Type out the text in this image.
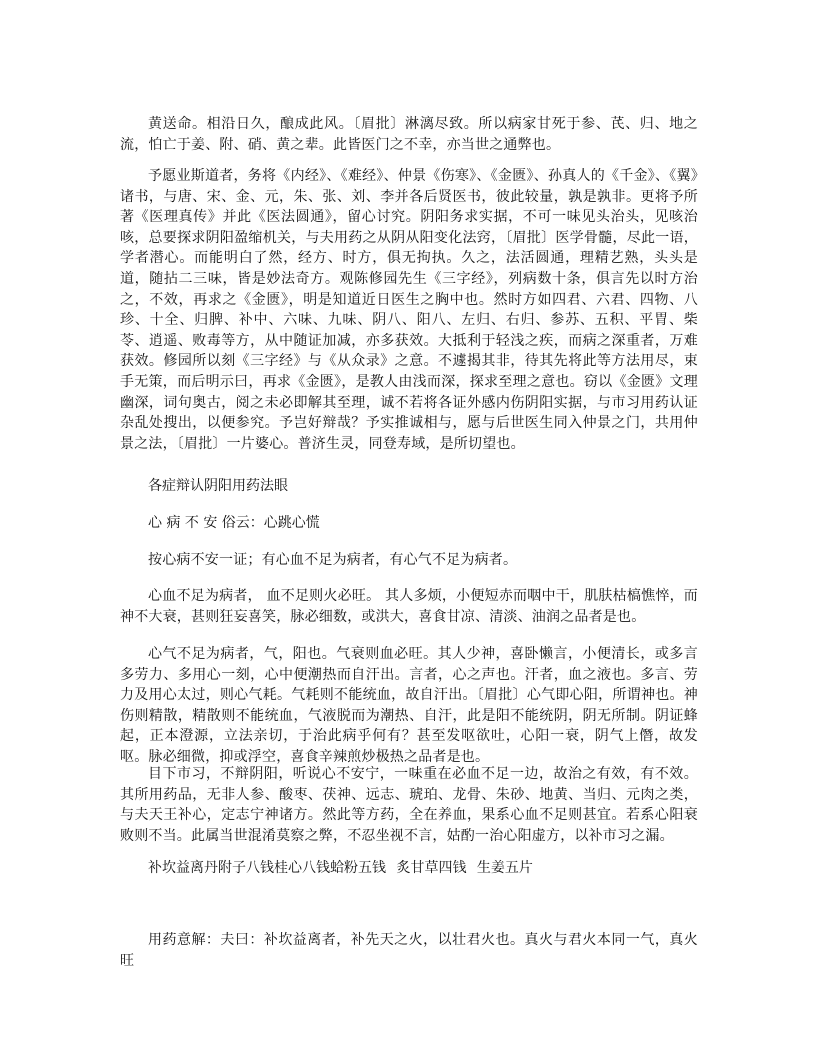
黄送命。相沿日久，酿成此风。〔眉批〕淋漓尽致。所以病家甘死于参、芪、归、地之流，怕亡于姜、附、硝、黄之辈。此皆医门之不幸，亦当世之通弊也。

予愿业斯道者，务将《内经》、《难经》、仲景《伤寒》、《金匮》、孙真人的《千金》、《翼》诸书，与唐、宋、金、元，朱、张、刘、李并各后贤医书，彼此较量，孰是孰非。更将予所著《医理真传》并此《医法圆通》，留心讨究。阴阳务求实据，不可一味见头治头，见咳治咳，总要探求阴阳盈缩机关，与夫用药之从阴从阳变化法窍，〔眉批〕医学骨髓，尽此一语，学者潜心。而能明白了然，经方、时方，俱无拘执。久之，法活圆通，理精艺熟，头头是道，随拈二三味，皆是妙法奇方。观陈修园先生《三字经》，列病数十条，俱言先以时方治之，不效，再求之《金匮》，明是知道近日医生之胸中也。然时方如四君、六君、四物、八珍、十全、归脾、补中、六味、九味、阴八、阳八、左归、右归、参苏、五积、平胃、柴苓、逍遥、败毒等方，从中随证加减，亦多获效。大抵利于轻浅之疾，而病之深重者，万难获效。修园所以刻《三字经》与《从众录》之意。不遽揭其非，待其先将此等方法用尽，束手无策，而后明示曰，再求《金匮》，是教人由浅而深，探求至理之意也。窃以《金匮》文理幽深，词句奥古，阅之未必即解其至理，诚不若将各证外感内伤阴阳实据，与市习用药认证杂乱处搜出，以便参究。予岂好辩哉？予实推诚相与，愿与后世医生同入仲景之门，共用仲景之法，〔眉批〕一片婆心。普济生灵，同登寿域，是所切望也。

各症辩认阴阳用药法眼

心 病 不 安 俗云：心跳心慌

按心病不安一证；有心血不足为病者，有心气不足为病者。

心血不足为病者， 血不足则火必旺。 其人多烦，小便短赤而咽中干，肌肤枯槁憔悴，而神不大衰，甚则狂妄喜笑，脉必细数，或洪大，喜食甘凉、清淡、油润之品者是也。

心气不足为病者，气，阳也。气衰则血必旺。其人少神，喜卧懒言，小便清长，或多言多劳力、多用心一刻，心中便潮热而自汗出。言者，心之声也。汗者，血之液也。多言、劳力及用心太过，则心气耗。气耗则不能统血，故自汗出。〔眉批〕心气即心阳，所谓神也。神伤则精散，精散则不能统血，气液脱而为潮热、自汗，此是阳不能统阴，阴无所制。阴证蜂起，正本澄源，立法亲切，于治此病乎何有？甚至发呕欲吐，心阳一衰，阴气上僭，故发呕。脉必细微，抑或浮空，喜食辛辣煎炒极热之品者是也。

目下市习，不辩阴阳，听说心不安宁，一味重在必血不足一边，故治之有效，有不效。其所用药品，无非人参、酸枣、茯神、远志、琥珀、龙骨、朱砂、地黄、当归、元肉之类，与夫天王补心，定志宁神诸方。然此等方药，全在养血，果系心血不足则甚宜。若系心阳衰败则不当。此属当世混淆莫察之弊，不忍坐视不言，姑酌一治心阳虚方，以补市习之漏。

补坎益离丹附子八钱桂心八钱蛤粉五钱 炙甘草四钱 生姜五片

用药意解：夫曰：补坎益离者，补先天之火，以壮君火也。真火与君火本同一气，真火旺
